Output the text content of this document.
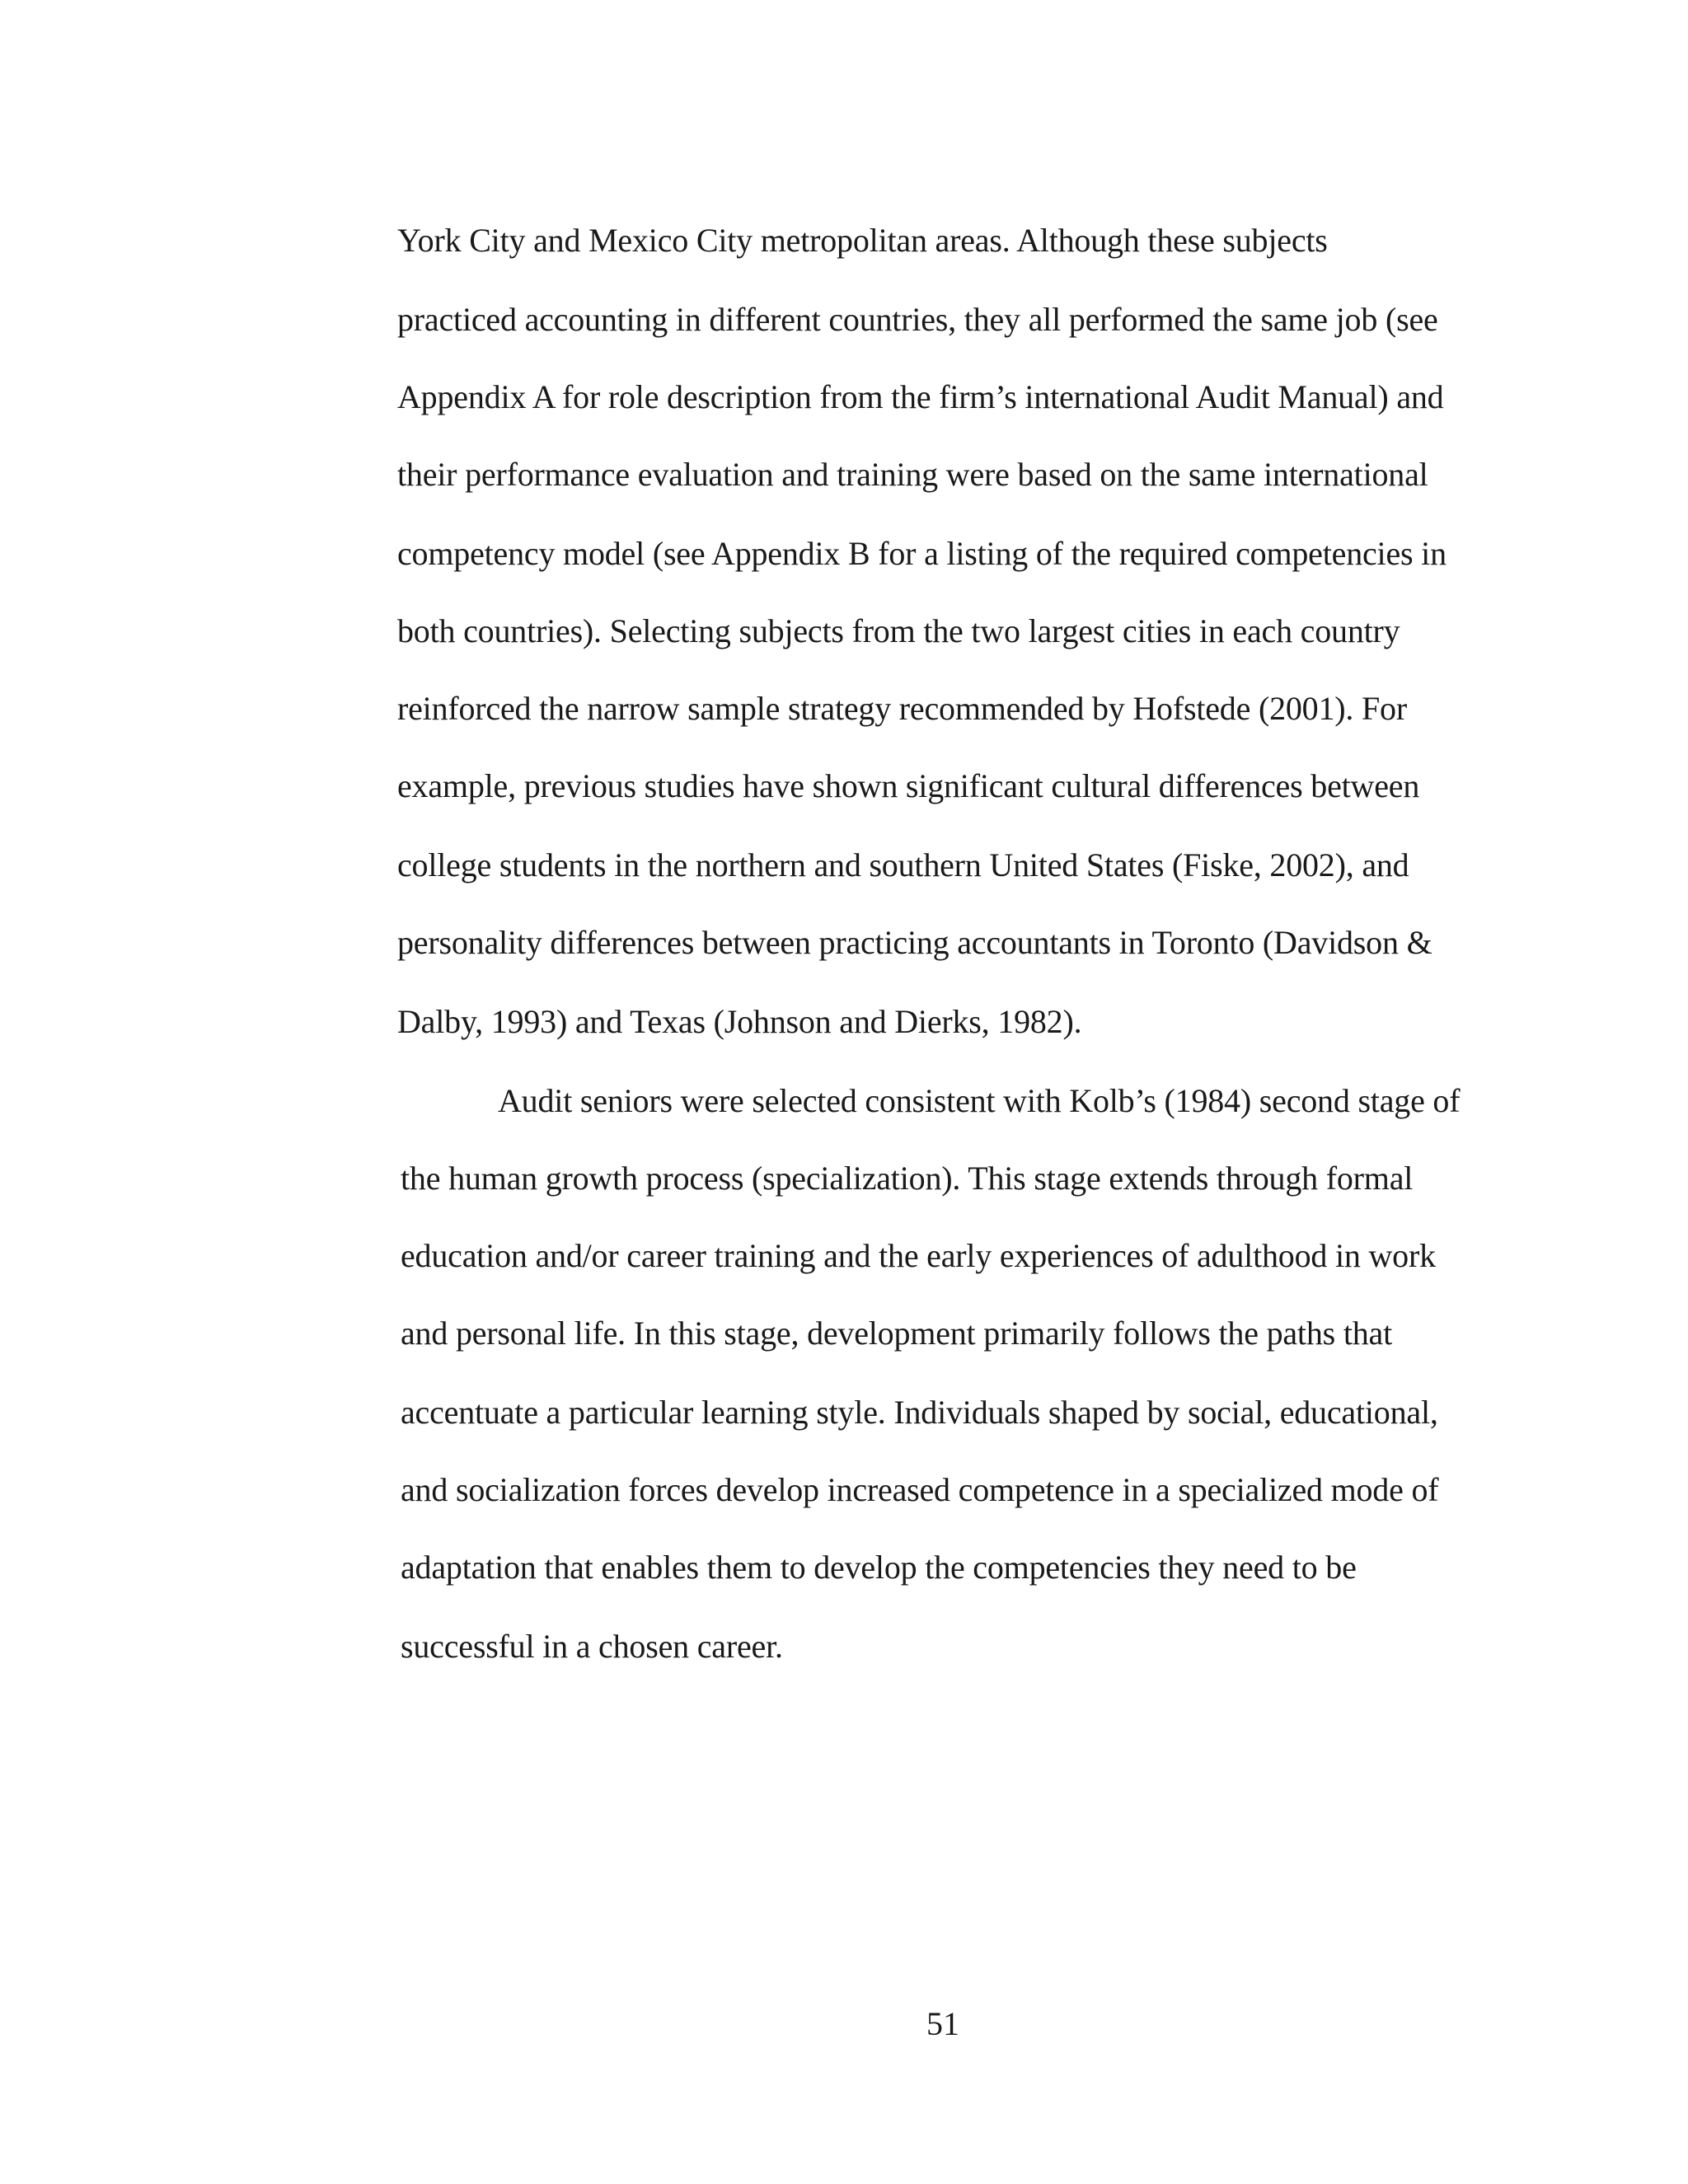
York City and Mexico City metropolitan areas. Although these subjects
practiced accounting in different countries, they all performed the same job (see
Appendix A for role description from the firm’s international Audit Manual) and
their performance evaluation and training were based on the same international
competency model (see Appendix B for a listing of the required competencies in
both countries). Selecting subjects from the two largest cities in each country
reinforced the narrow sample strategy recommended by Hofstede (2001). For
example, previous studies have shown significant cultural differences between
college students in the northern and southern United States (Fiske, 2002), and
personality differences between practicing accountants in Toronto (Davidson &
Dalby, 1993) and Texas (Johnson and Dierks, 1982).
Audit seniors were selected consistent with Kolb’s (1984) second stage of
the human growth process (specialization). This stage extends through formal
education and/or career training and the early experiences of adulthood in work
and personal life. In this stage, development primarily follows the paths that
accentuate a particular learning style. Individuals shaped by social, educational,
and socialization forces develop increased competence in a specialized mode of
adaptation that enables them to develop the competencies they need to be
successful in a chosen career.
51
